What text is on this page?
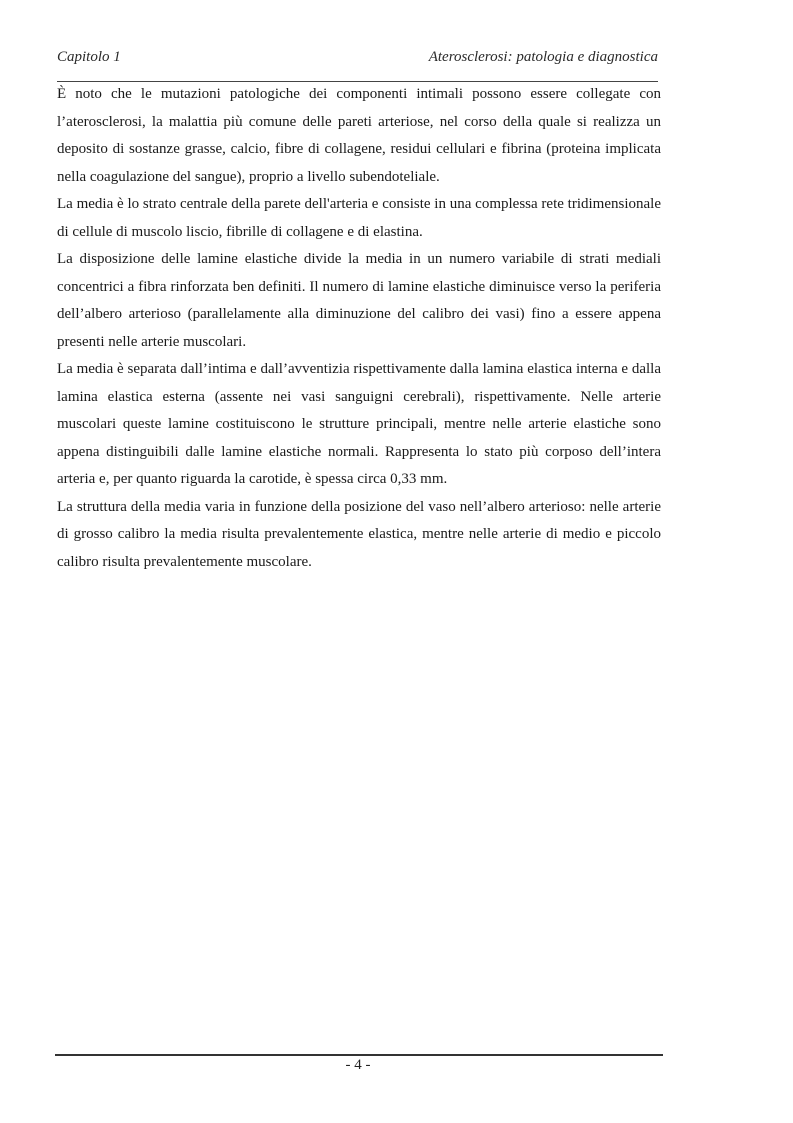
Capitolo 1	Aterosclerosi: patologia e diagnostica

È noto che le mutazioni patologiche dei componenti intimali possono essere collegate con l’aterosclerosi, la malattia più comune delle pareti arteriose, nel corso della quale si realizza un deposito di sostanze grasse, calcio, fibre di collagene, residui cellulari e fibrina (proteina implicata nella coagulazione del sangue), proprio a livello subendoteliale.

La media è lo strato centrale della parete dell'arteria e consiste in una complessa rete tridimensionale di cellule di muscolo liscio, fibrille di collagene e di elastina.

La disposizione delle lamine elastiche divide la media in un numero variabile di strati mediali concentrici a fibra rinforzata ben definiti. Il numero di lamine elastiche diminuisce verso la periferia dell’albero arterioso (parallelamente alla diminuzione del calibro dei vasi) fino a essere appena presenti nelle arterie muscolari.

La media è separata dall’intima e dall’avventizia rispettivamente dalla lamina elastica interna e dalla lamina elastica esterna (assente nei vasi sanguigni cerebrali), rispettivamente. Nelle arterie muscolari queste lamine costituiscono le strutture principali, mentre nelle arterie elastiche sono appena distinguibili dalle lamine elastiche normali. Rappresenta lo stato più corposo dell’intera arteria e, per quanto riguarda la carotide, è spessa circa 0,33 mm.

La struttura della media varia in funzione della posizione del vaso nell’albero arterioso: nelle arterie di grosso calibro la media risulta prevalentemente elastica, mentre nelle arterie di medio e piccolo calibro risulta prevalentemente muscolare.

- 4 -
